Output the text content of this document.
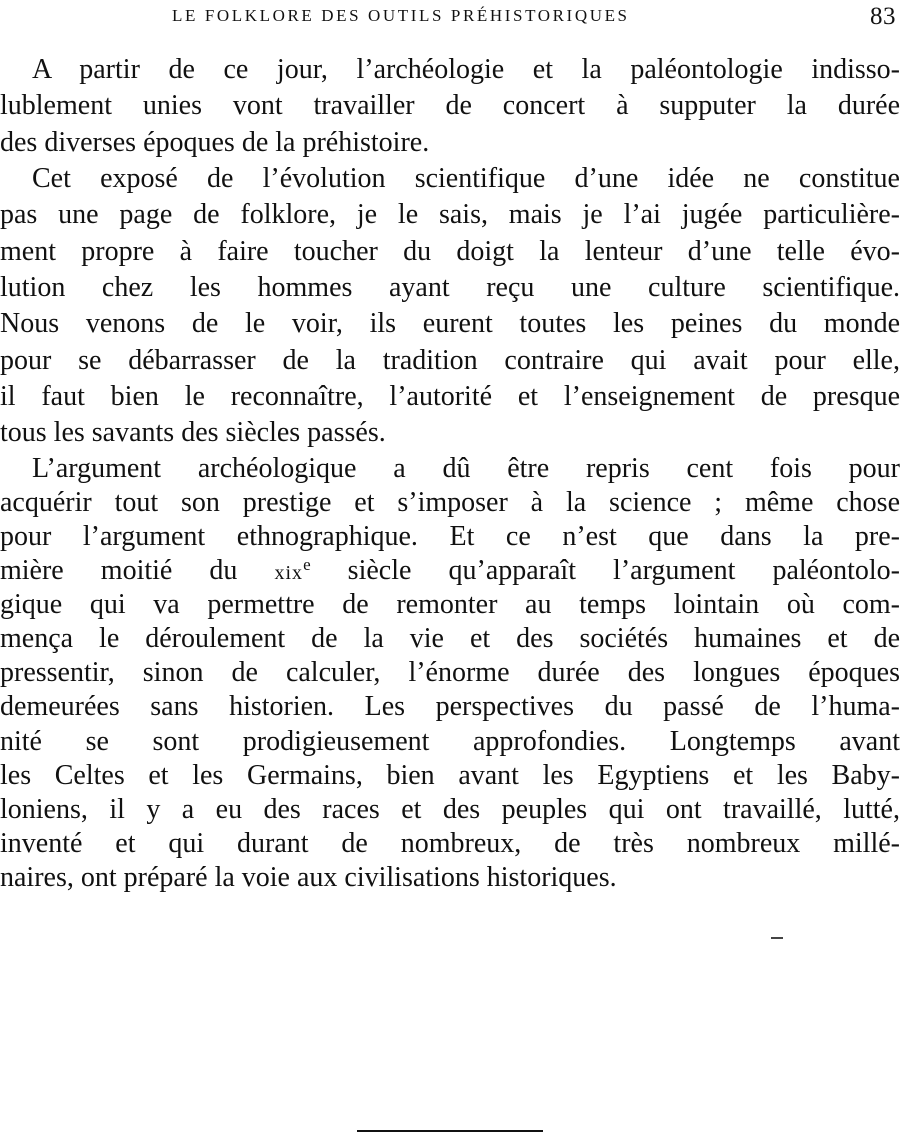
LE FOLKLORE DES OUTILS PRÉHISTORIQUES	83
A partir de ce jour, l’archéologie et la paléontologie indisso-
lublement unies vont travailler de concert à supputer la durée
des diverses époques de la préhistoire.
Cet exposé de l’évolution scientifique d’une idée ne constitue
pas une page de folklore, je le sais, mais je l’ai jugée particulière-
ment propre à faire toucher du doigt la lenteur d’une telle évo-
lution chez les hommes ayant reçu une culture scientifique.
Nous venons de le voir, ils eurent toutes les peines du monde
pour se débarrasser de la tradition contraire qui avait pour elle,
il faut bien le reconnaître, l’autorité et l’enseignement de presque
tous les savants des siècles passés.
L’argument archéologique a dû être repris cent fois pour
acquérir tout son prestige et s’imposer à la science ; même chose
pour l’argument ethnographique. Et ce n’est que dans la pre-
mière moitié du xix$^e$ siècle qu’apparaît l’argument paléontolo-
gique qui va permettre de remonter au temps lointain où com-
mença le déroulement de la vie et des sociétés humaines et de
pressentir, sinon de calculer, l’énorme durée des longues époques
demeurées sans historien. Les perspectives du passé de l’huma-
nité se sont prodigieusement approfondies. Longtemps avant
les Celtes et les Germains, bien avant les Egyptiens et les Baby-
loniens, il y a eu des races et des peuples qui ont travaillé, lutté,
inventé et qui durant de nombreux, de très nombreux millé-
naires, ont préparé la voie aux civilisations historiques.
